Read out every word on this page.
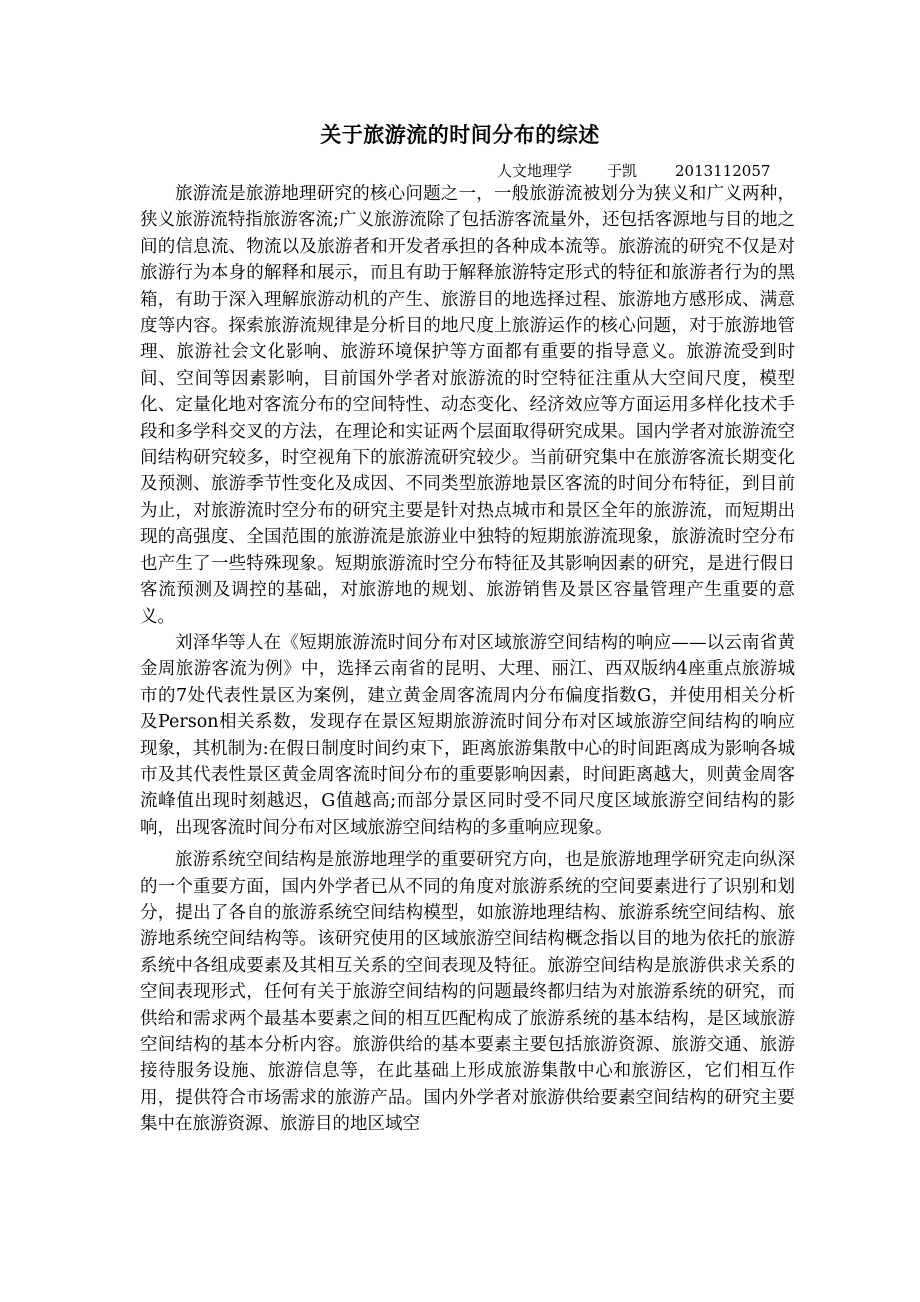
关于旅游流的时间分布的综述
人文地理学 于凯	2013112057

旅游流是旅游地理研究的核心问题之一，一般旅游流被划分为狭义和广义两种，狭义旅游流特指旅游客流;广义旅游流除了包括游客流量外，还包括客源地与目的地之间的信息流、物流以及旅游者和开发者承担的各种成本流等。旅游流的研究不仅是对旅游行为本身的解释和展示，而且有助于解释旅游特定形式的特征和旅游者行为的黑箱，有助于深入理解旅游动机的产生、旅游目的地选择过程、旅游地方感形成、满意度等内容。探索旅游流规律是分析目的地尺度上旅游运作的核心问题，对于旅游地管理、旅游社会文化影响、旅游环境保护等方面都有重要的指导意义。旅游流受到时间、空间等因素影响，目前国外学者对旅游流的时空特征注重从大空间尺度，模型化、定量化地对客流分布的空间特性、动态变化、经济效应等方面运用多样化技术手段和多学科交叉的方法，在理论和实证两个层面取得研究成果。国内学者对旅游流空间结构研究较多，时空视角下的旅游流研究较少。当前研究集中在旅游客流长期变化及预测、旅游季节性变化及成因、不同类型旅游地景区客流的时间分布特征，到目前为止，对旅游流时空分布的研究主要是针对热点城市和景区全年的旅游流，而短期出现的高强度、全国范围的旅游流是旅游业中独特的短期旅游流现象，旅游流时空分布也产生了一些特殊现象。短期旅游流时空分布特征及其影响因素的研究，是进行假日客流预测及调控的基础，对旅游地的规划、旅游销售及景区容量管理产生重要的意义。

刘泽华等人在《短期旅游流时间分布对区域旅游空间结构的响应——以云南省黄金周旅游客流为例》中，选择云南省的昆明、大理、丽江、西双版纳4座重点旅游城市的7处代表性景区为案例，建立黄金周客流周内分布偏度指数G，并使用相关分析及Person相关系数，发现存在景区短期旅游流时间分布对区域旅游空间结构的响应现象，其机制为:在假日制度时间约束下，距离旅游集散中心的时间距离成为影响各城市及其代表性景区黄金周客流时间分布的重要影响因素，时间距离越大，则黄金周客流峰值出现时刻越迟，G值越高;而部分景区同时受不同尺度区域旅游空间结构的影响，出现客流时间分布对区域旅游空间结构的多重响应现象。

旅游系统空间结构是旅游地理学的重要研究方向，也是旅游地理学研究走向纵深的一个重要方面，国内外学者已从不同的角度对旅游系统的空间要素进行了识别和划分，提出了各自的旅游系统空间结构模型，如旅游地理结构、旅游系统空间结构、旅游地系统空间结构等。该研究使用的区域旅游空间结构概念指以目的地为依托的旅游系统中各组成要素及其相互关系的空间表现及特征。旅游空间结构是旅游供求关系的空间表现形式，任何有关于旅游空间结构的问题最终都归结为对旅游系统的研究，而供给和需求两个最基本要素之间的相互匹配构成了旅游系统的基本结构，是区域旅游空间结构的基本分析内容。旅游供给的基本要素主要包括旅游资源、旅游交通、旅游接待服务设施、旅游信息等，在此基础上形成旅游集散中心和旅游区，它们相互作用，提供符合市场需求的旅游产品。国内外学者对旅游供给要素空间结构的研究主要集中在旅游资源、旅游目的地区域空
